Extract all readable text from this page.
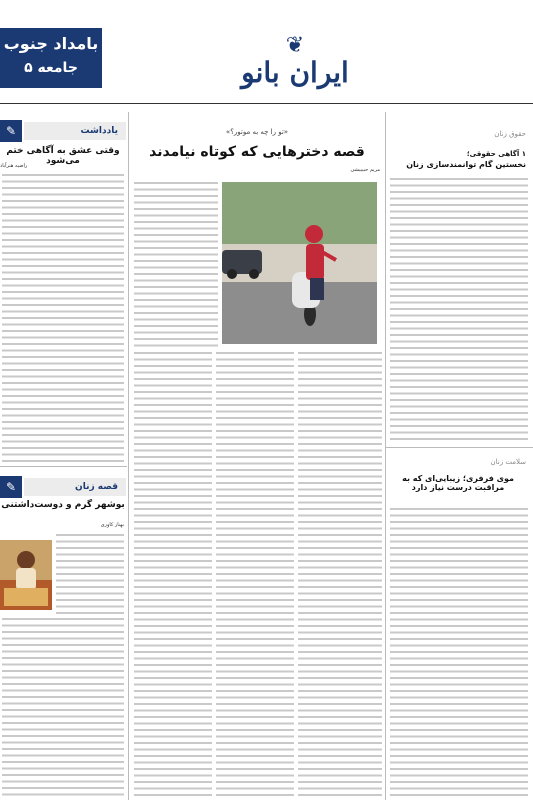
بامداد جنوب
جامعه ۵
❦
ایران بانو
✎	یادداشت
وقتی عشق به آگاهی ختم می‌شود
راضیه هنرآباد
✎	قصه زنان
بوشهر گرم و دوست‌داشتنی
بهناز کاوری
«تو را چه به موتور؟»
قصه دخترهایی که کوتاه نیامدند
مریم حبیبیشی
حقوق زنان
۱ آگاهی حقوقی؛
نخستین گام توانمندسازی زنان
سلامت زنان
موی فرفری؛ زیبایی‌ای که به مراقبت درست نیاز دارد
